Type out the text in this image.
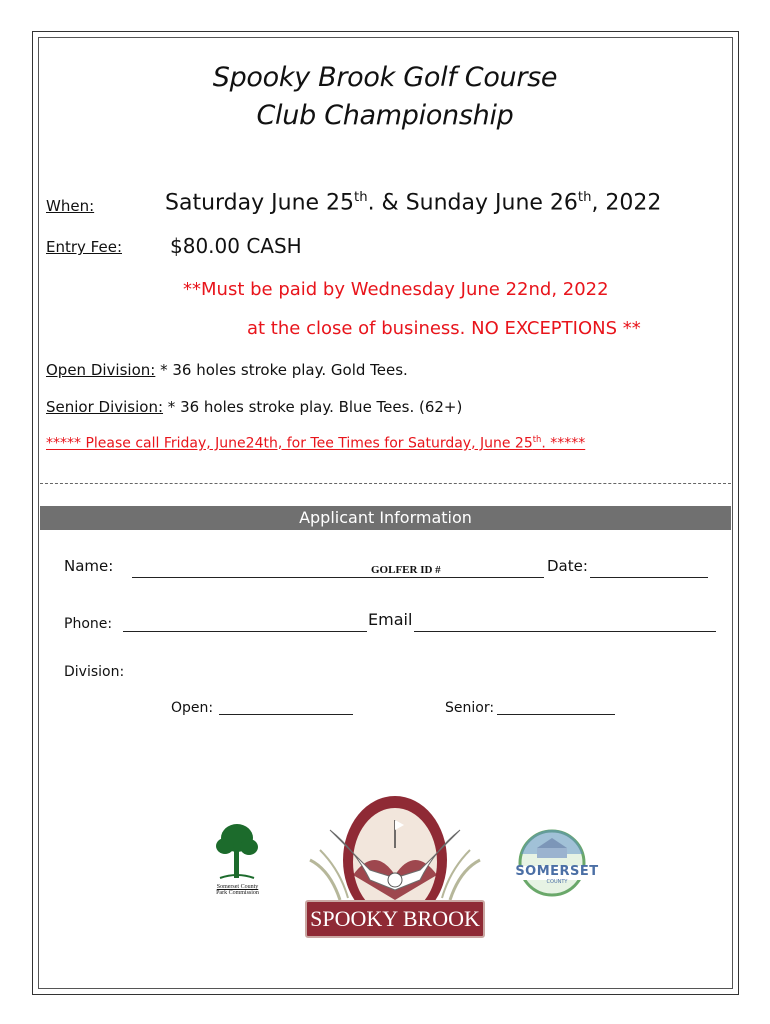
Spooky Brook Golf Course
Club Championship
When:	Saturday June 25th. & Sunday June 26th, 2022
Entry Fee: $80.00 CASH
**Must be paid by Wednesday June 22nd, 2022
at the close of business. NO EXCEPTIONS **
Open Division: * 36 holes stroke play. Gold Tees.
Senior Division: * 36 holes stroke play. Blue Tees. (62+)
***** Please call Friday, June24th, for Tee Times for Saturday, June 25th. *****
Applicant Information
Name:	GOLFER ID #	Date:
Phone:	Email
Division:
Open:	Senior:
Somerset County
Park Commission
SPOOKY BROOK
SOMERSET
COUNTY
